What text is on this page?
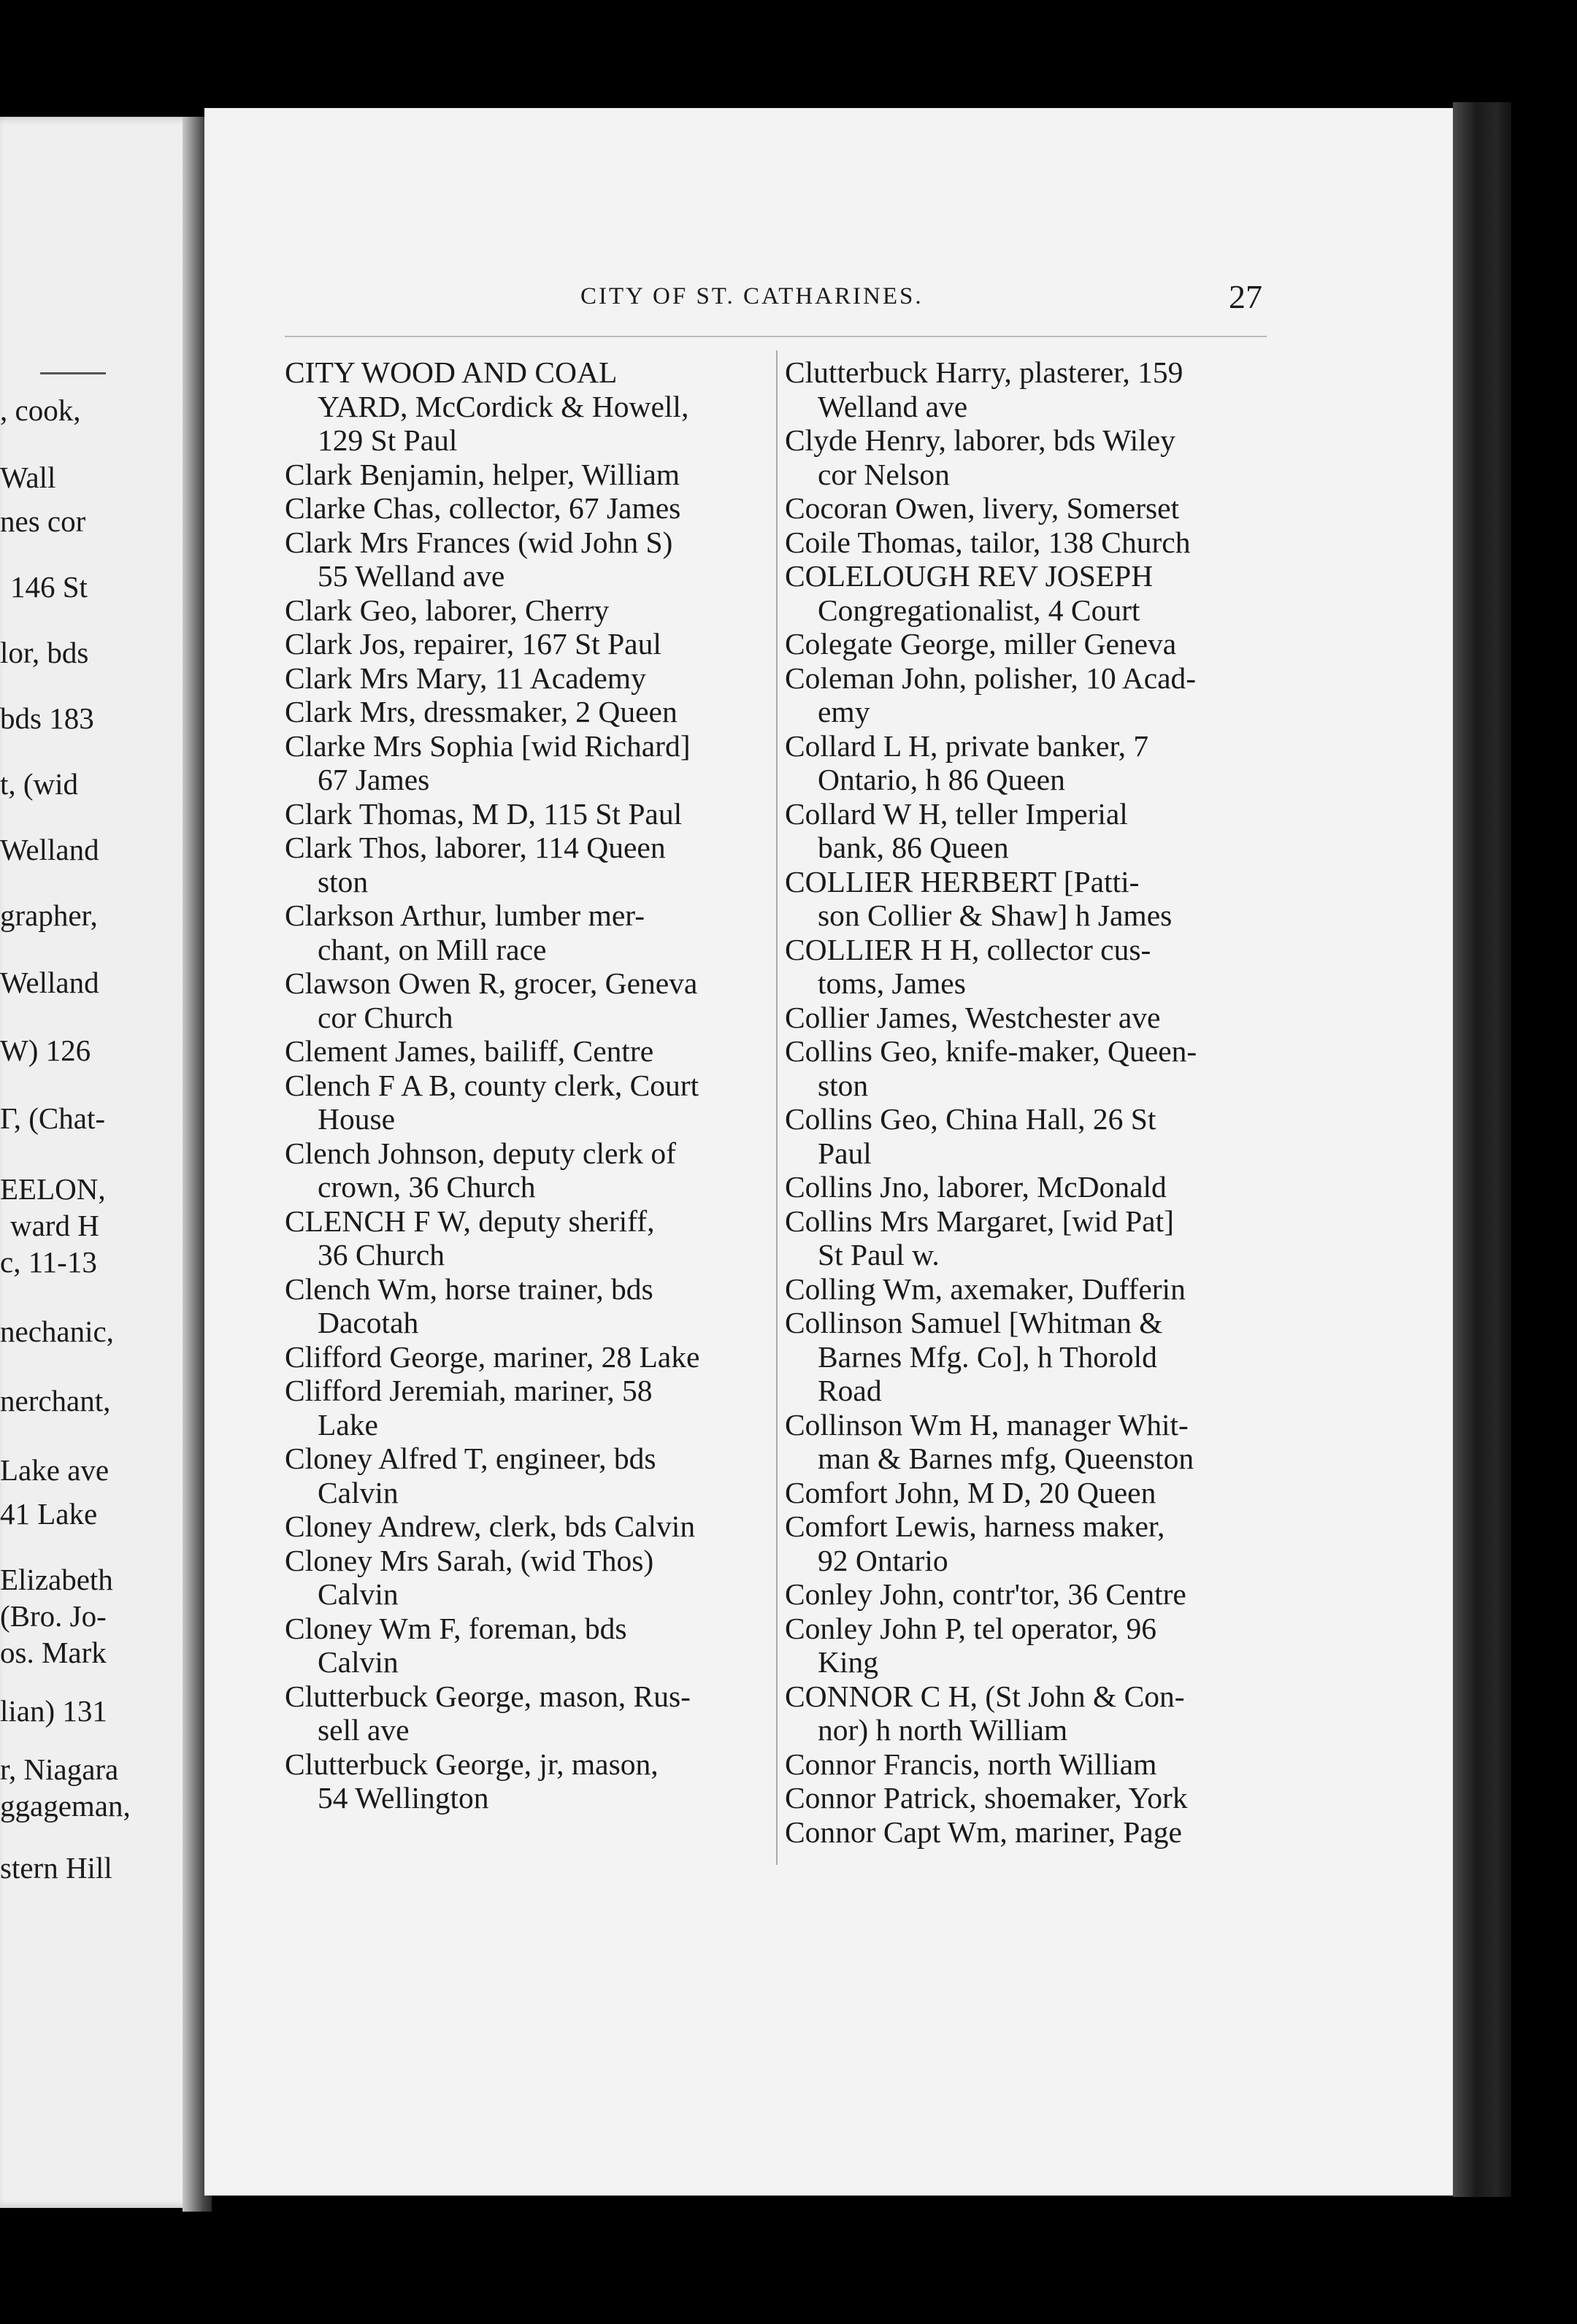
, cook,
Wall
nes cor
146 St
lor, bds
bds 183
t, (wid
Welland
grapher,
Welland
W) 126
Γ, (Chat-
EELON,
ward H
c, 11-13
nechanic,
nerchant,
Lake ave
41 Lake
Elizabeth
(Bro. Jo-
os. Mark
lian) 131
r, Niagara
ggageman,
stern Hill
CITY OF ST. CATHARINES.	27
CITY WOOD AND COAL
YARD, McCordick & Howell,
129 St Paul
Clark Benjamin, helper, William
Clarke Chas, collector, 67 James
Clark Mrs Frances (wid John S)
55 Welland ave
Clark Geo, laborer, Cherry
Clark Jos, repairer, 167 St Paul
Clark Mrs Mary, 11 Academy
Clark Mrs, dressmaker, 2 Queen
Clarke Mrs Sophia [wid Richard]
67 James
Clark Thomas, M D, 115 St Paul
Clark Thos, laborer, 114 Queen
ston
Clarkson Arthur, lumber mer-
chant, on Mill race
Clawson Owen R, grocer, Geneva
cor Church
Clement James, bailiff, Centre
Clench F A B, county clerk, Court
House
Clench Johnson, deputy clerk of
crown, 36 Church
CLENCH F W, deputy sheriff,
36 Church
Clench Wm, horse trainer, bds
Dacotah
Clifford George, mariner, 28 Lake
Clifford Jeremiah, mariner, 58
Lake
Cloney Alfred T, engineer, bds
Calvin
Cloney Andrew, clerk, bds Calvin
Cloney Mrs Sarah, (wid Thos)
Calvin
Cloney Wm F, foreman, bds
Calvin
Clutterbuck George, mason, Rus-
sell ave
Clutterbuck George, jr, mason,
54 Wellington
Clutterbuck Harry, plasterer, 159
Welland ave
Clyde Henry, laborer, bds Wiley
cor Nelson
Cocoran Owen, livery, Somerset
Coile Thomas, tailor, 138 Church
COLELOUGH REV JOSEPH
Congregationalist, 4 Court
Colegate George, miller Geneva
Coleman John, polisher, 10 Acad-
emy
Collard L H, private banker, 7
Ontario, h 86 Queen
Collard W H, teller Imperial
bank, 86 Queen
COLLIER HERBERT [Patti-
son Collier & Shaw] h James
COLLIER H H, collector cus-
toms, James
Collier James, Westchester ave
Collins Geo, knife-maker, Queen-
ston
Collins Geo, China Hall, 26 St
Paul
Collins Jno, laborer, McDonald
Collins Mrs Margaret, [wid Pat]
St Paul w.
Colling Wm, axemaker, Dufferin
Collinson Samuel [Whitman &
Barnes Mfg. Co], h Thorold
Road
Collinson Wm H, manager Whit-
man & Barnes mfg, Queenston
Comfort John, M D, 20 Queen
Comfort Lewis, harness maker,
92 Ontario
Conley John, contr'tor, 36 Centre
Conley John P, tel operator, 96
King
CONNOR C H, (St John & Con-
nor) h north William
Connor Francis, north William
Connor Patrick, shoemaker, York
Connor Capt Wm, mariner, Page
